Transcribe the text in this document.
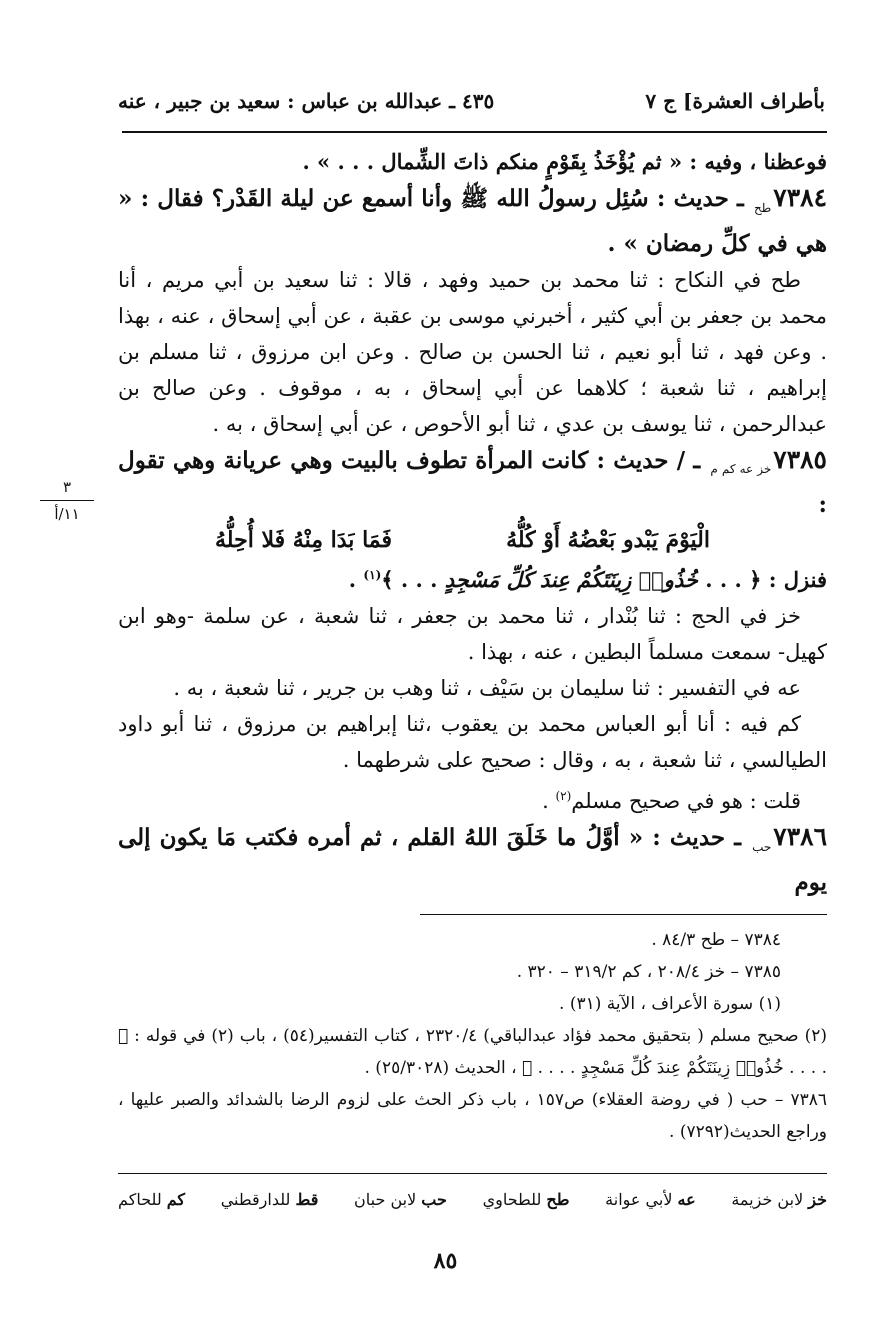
بأطراف العشرة] ج ٧
٤٣٥ ـ عبدالله بن عباس : سعيد بن جبير ، عنه
٣
١١/أ

فوعظنا ، وفيه : « ثم يُؤْخَذُ بِقَوْمٍ منكم ذاتَ الشِّمال . . . » .

$٧٣٨٤_{طح}$ ـ حديث : سُئِل رسولُ الله ﷺ وأنا أسمع عن ليلة القَدْر؟ فقال : « هي في كلِّ رمضان » .

طح في النكاح : ثنا محمد بن حميد وفهد ، قالا : ثنا سعيد بن أبي مريم ، أنا محمد بن جعفر بن أبي كثير ، أخبرني موسى بن عقبة ، عن أبي إسحاق ، عنه ، بهذا . وعن فهد ، ثنا أبو نعيم ، ثنا الحسن بن صالح . وعن ابن مرزوق ، ثنا مسلم بن إبراهيم ، ثنا شعبة ؛ كلاهما عن أبي إسحاق ، به ، موقوف . وعن صالح بن عبدالرحمن ، ثنا يوسف بن عدي ، ثنا أبو الأحوص ، عن أبي إسحاق ، به .

$٧٣٨٥_{خز عه كم م}$ ـ / حديث : كانت المرأة تطوف بالبيت وهي عريانة وهي تقول :

الْيَوْمَ يَبْدو بَعْضُهُ أَوْ كُلُّهُ
فَمَا بَدَا مِنْهُ فَلا أُحِلُّهُ

فنزل : ﴿ . . . خُذُوا۟ زِينَتَكُمْ عِندَ كُلِّ مَسْجِدٍ . . . ﴾$^{(١)}$ .

خز في الحج : ثنا بُنْدار ، ثنا محمد بن جعفر ، ثنا شعبة ، عن سلمة -وهو ابن كهيل- سمعت مسلماً البطين ، عنه ، بهذا .

عه في التفسير : ثنا سليمان بن سَيْف ، ثنا وهب بن جرير ، ثنا شعبة ، به .

كم فيه : أنا أبو العباس محمد بن يعقوب ،ثنا إبراهيم بن مرزوق ، ثنا أبو داود الطيالسي ، ثنا شعبة ، به ، وقال : صحيح على شرطهما .

قلت : هو في صحيح مسلم$^{(٢)}$ .

$٧٣٨٦_{حب}$ ـ حديث : « أوَّلُ ما خَلَقَ اللهُ القلم ، ثم أمره فكتب مَا يكون إلى يوم

٧٣٨٤ – طح ٨٤/٣ .

٧٣٨٥ – خز ٢٠٨/٤ ، كم ٣١٩/٢ – ٣٢٠ .

(١) سورة الأعراف ، الآية (٣١) .

(٢) صحيح مسلم ( بتحقيق محمد فؤاد عبدالباقي) ٢٣٢٠/٤ ، كتاب التفسير(٥٤) ، باب (٢) في قوله : ﴿ . . . . خُذُوا۟ زِينَتَكُمْ عِندَ كُلِّ مَسْجِدٍ . . . . ﴾ ، الحديث (٢٥/٣٠٢٨) .

٧٣٨٦ – حب ( في روضة العقلاء) ص١٥٧ ، باب ذكر الحث على لزوم الرضا بالشدائد والصبر عليها ، وراجع الحديث(٧٢٩٢) .

خز لابن خزيمة
عه لأبي عوانة
طح للطحاوي
حب لابن حبان
قط للدارقطني
كم للحاكم
٨٥
